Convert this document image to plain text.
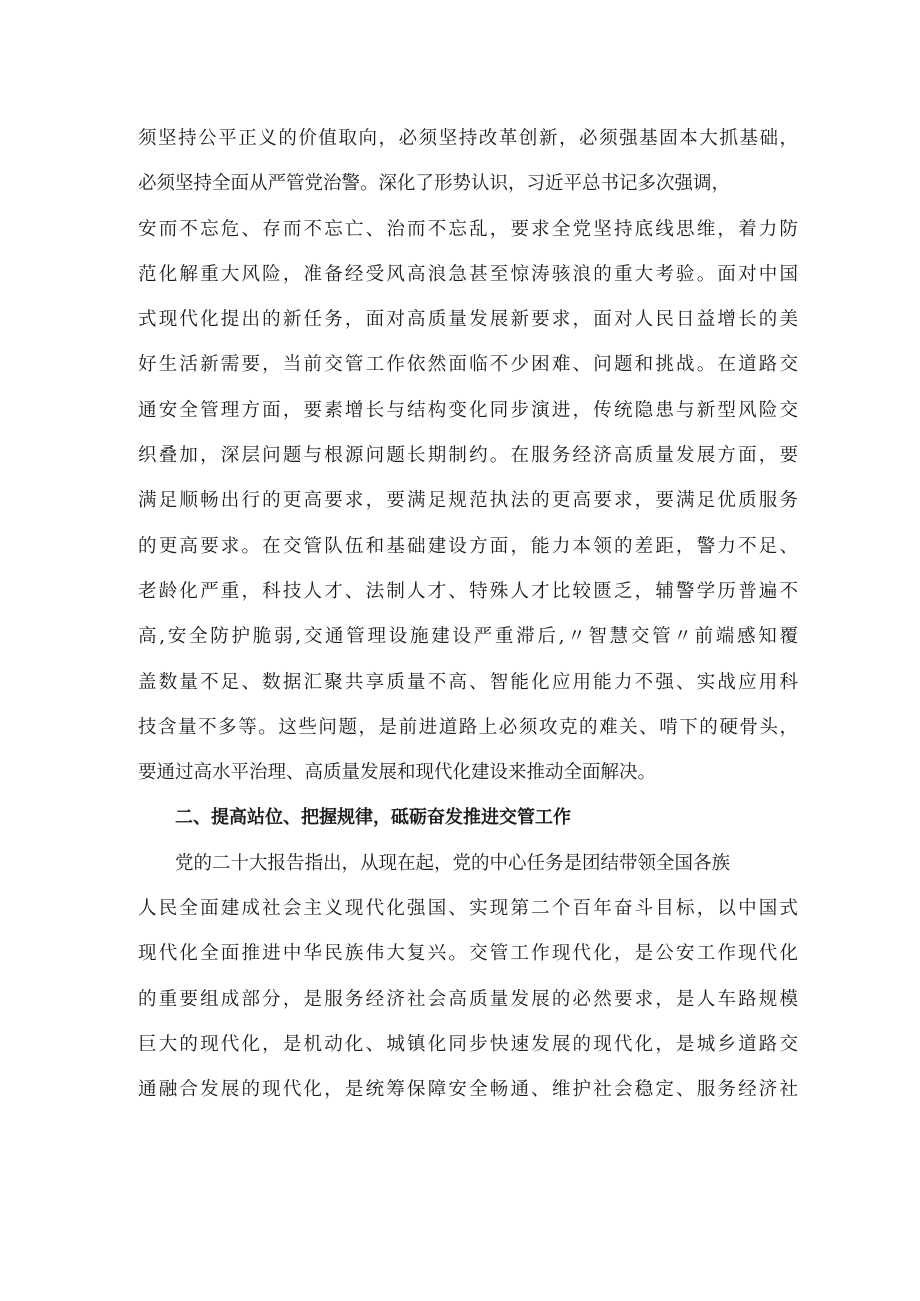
须坚持公平正义的价值取向，必须坚持改革创新，必须强基固本大抓基础，
必须坚持全面从严管党治警。深化了形势认识，习近平总书记多次强调，
安而不忘危、存而不忘亡、治而不忘乱，要求全党坚持底线思维，着力防
范化解重大风险，准备经受风高浪急甚至惊涛骇浪的重大考验。面对中国
式现代化提出的新任务，面对高质量发展新要求，面对人民日益增长的美
好生活新需要，当前交管工作依然面临不少困难、问题和挑战。在道路交
通安全管理方面，要素增长与结构变化同步演进，传统隐患与新型风险交
织叠加，深层问题与根源问题长期制约。在服务经济高质量发展方面，要
满足顺畅出行的更高要求，要满足规范执法的更高要求，要满足优质服务
的更高要求。在交管队伍和基础建设方面，能力本领的差距，警力不足、
老龄化严重，科技人才、法制人才、特殊人才比较匮乏，辅警学历普遍不
高,安全防护脆弱,交通管理设施建设严重滞后,〃智慧交管〃前端感知覆
盖数量不足、数据汇聚共享质量不高、智能化应用能力不强、实战应用科
技含量不多等。这些问题，是前进道路上必须攻克的难关、啃下的硬骨头，
要通过高水平治理、高质量发展和现代化建设来推动全面解决。
二、提高站位、把握规律，砥砺奋发推进交管工作
党的二十大报告指出，从现在起，党的中心任务是团结带领全国各族
人民全面建成社会主义现代化强国、实现第二个百年奋斗目标，以中国式
现代化全面推进中华民族伟大复兴。交管工作现代化，是公安工作现代化
的重要组成部分，是服务经济社会高质量发展的必然要求，是人车路规模
巨大的现代化，是机动化、城镇化同步快速发展的现代化，是城乡道路交
通融合发展的现代化，是统筹保障安全畅通、维护社会稳定、服务经济社
